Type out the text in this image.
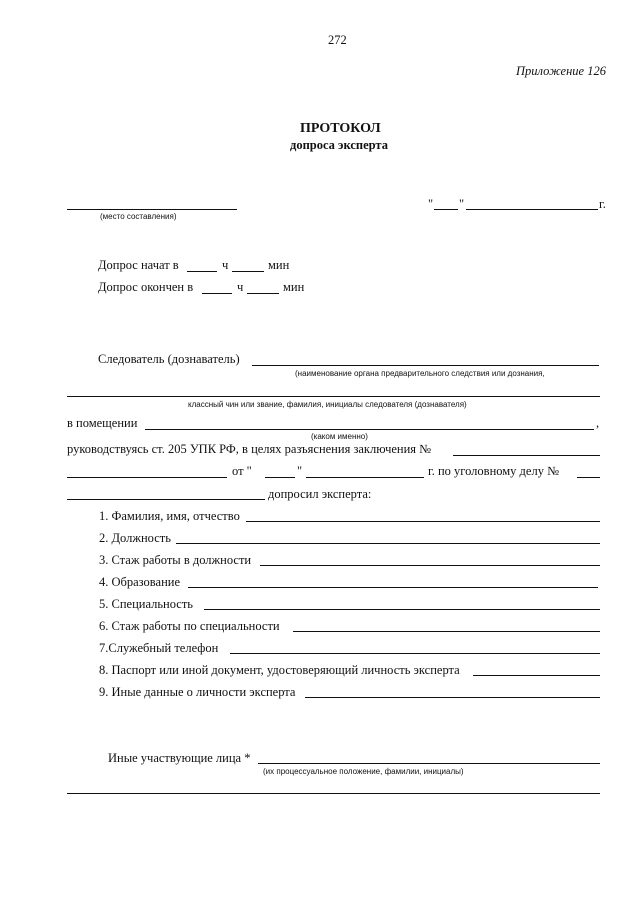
272
Приложение 126
ПРОТОКОЛ
допроса эксперта
(место составления)
" "	г.
Допрос начат в	ч	мин
Допрос окончен в	ч	мин
Следователь (дознаватель)
(наименование органа предварительного следствия или дознания,
классный чин или звание, фамилия, инициалы следователя (дознавателя)
в помещении	,
(каком именно)
руководствуясь ст. 205 УПК РФ, в целях разъяснения заключения №
от "	"	г. по уголовному делу №
допросил эксперта:
1. Фамилия, имя, отчество
2. Должность
3. Стаж работы в должности
4. Образование
5. Специальность
6. Стаж работы по специальности
7.Служебный телефон
8. Паспорт или иной документ, удостоверяющий личность эксперта
9. Иные данные о личности эксперта
Иные участвующие лица *
(их процессуальное положение, фамилии, инициалы)
